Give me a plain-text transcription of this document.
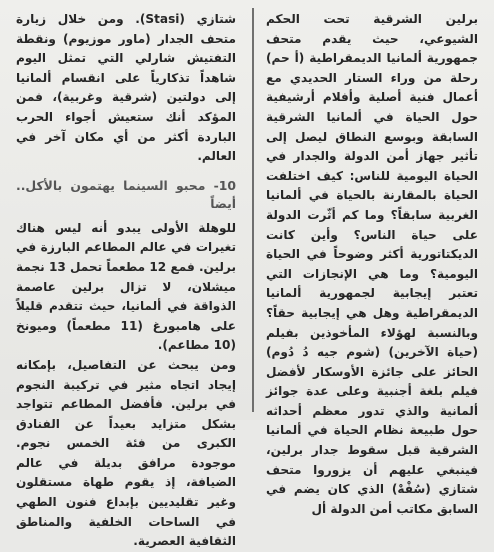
برلين الشرقية تحت الحكم الشيوعي، حيث يقدم متحف جمهورية ألمانيا الديمقراطية (أ حم) رحلة من وراء الستار الحديدي مع أعمال فنية أصلية وأفلام أرشيفية حول الحياة في ألمانيا الشرقية السابقة وبوسع النطاق ليصل إلى تأثير جهاز أمن الدولة والجدار في الحياة اليومية للناس: كيف اختلفت الحياة بالمقارنة بالحياة في ألمانيا الغربية سابقاً؟ وما كم أثّرت الدولة على حياة الناس؟ وأين كانت الديكتاتورية أكثر وضوحاً في الحياة اليومية؟ وما هي الإنجازات التي تعتبر إيجابية لجمهورية ألمانيا الديمقراطية وهل هي إيجابية حقاً؟ وبالنسبة لهؤلاء المأخوذين بفيلم (حياة الآخرين) (شوم جيه دُ دُوم) الحائز على جائزة الأوسكار لأفضل فيلم بلغة أجنبية وعلى عدة جوائز ألمانية والذي تدور معظم أحداثه حول طبيعة نظام الحياة في ألمانيا الشرقية قبل سقوط جدار برلين، فينبغي عليهم أن يزوروا متحف شتازي (سُفْهْ) الذي كان يضم في السابق مكاتب أمن الدولة أل

شتازي (Stasi). ومن خلال زيارة متحف الجدار (ماور موزيوم) ونقطة التفتيش شارلي التي تمثل اليوم شاهداً تذكارياً على انقسام ألمانيا إلى دولتين (شرقية وغربية)، فمن المؤكد أنك ستعيش أجواء الحرب الباردة أكثر من أي مكان آخر في العالم.

10- محبو السينما يهتمون بالأكل.. أيضاً

للوهلة الأولى يبدو أنه ليس هناك تغيرات في عالم المطاعم البارزة في برلين. فمع 12 مطعماً تحمل 13 نجمة ميشلان، لا تزال برلين عاصمة الذواقة في ألمانيا، حيث تتقدم قليلاً على هامبورغ (11 مطعماً) وميونخ (10 مطاعم).

ومن يبحث عن التفاصيل، بإمكانه إيجاد اتجاه مثير في تركيبة النجوم في برلين. فأفضل المطاعم تتواجد بشكل متزايد بعيداً عن الفنادق الكبرى من فئة الخمس نجوم. موجودة مرافق بديلة في عالم الضيافة، إذ يقوم طهاة مستقلون وغير تقليديين بإبداع فنون الطهي في الساحات الخلفية والمناطق الثقافية العصرية.
